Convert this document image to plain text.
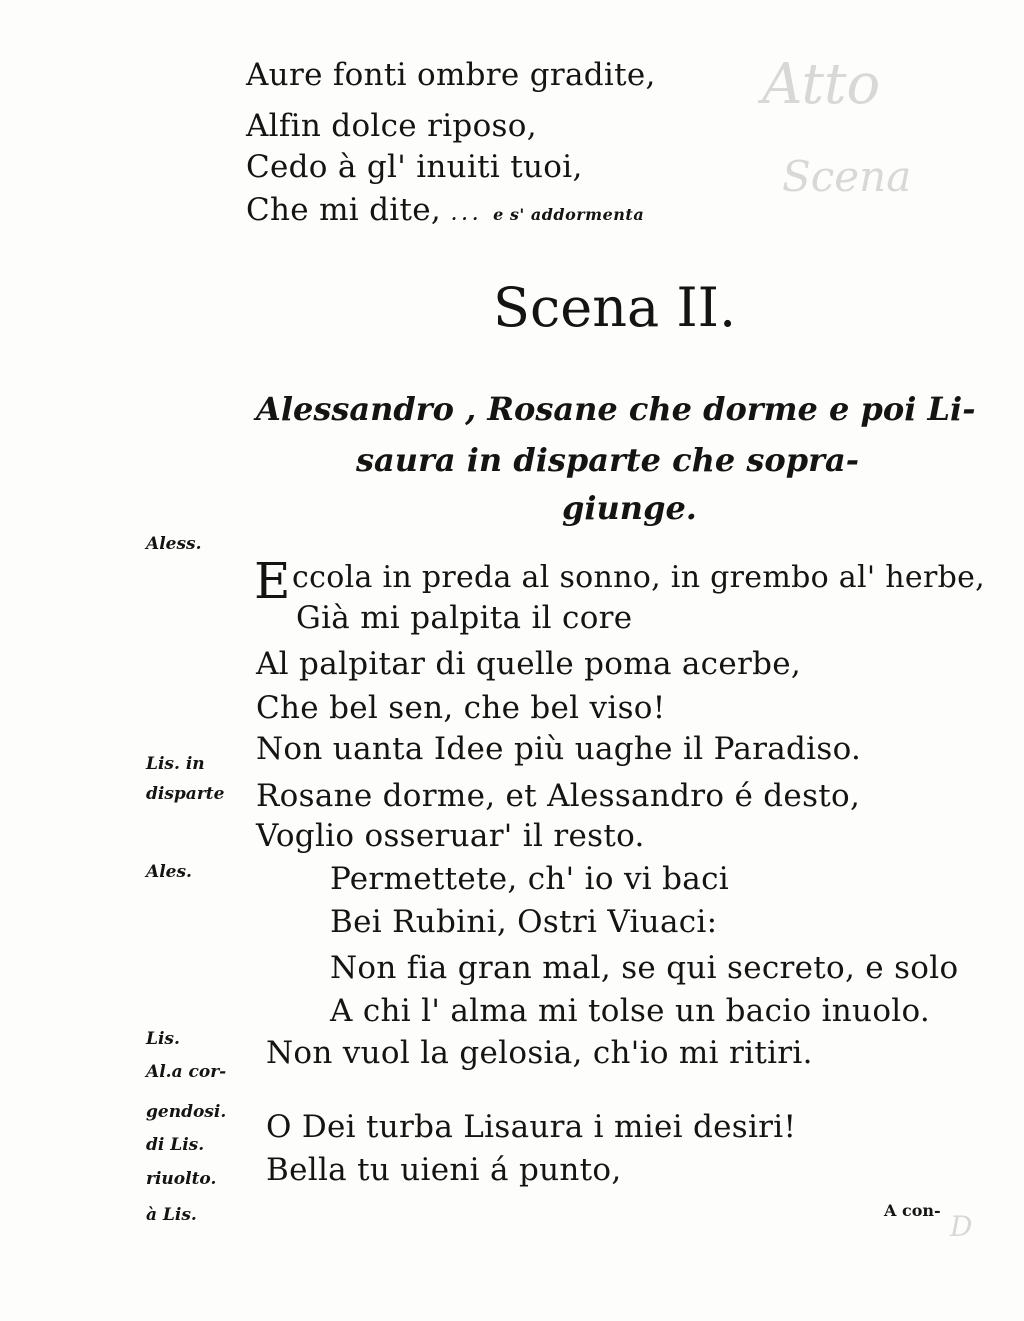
Atto
Scena
D
Aure fonti ombre gradite,
Alfin dolce riposo,
Cedo à gl' inuiti tuoi,
Che mi dite, ... e s' addormenta
Scena II.
Alessandro , Rosane che dorme e poi Li-
saura in disparte che sopra-
giunge.
Aless.
Lis. in
disparte
Ales.
Lis.
Al.a cor-
gendosi.
di Lis.
riuolto.
à Lis.
E ccola in preda al sonno, in grembo al' herbe,
Già mi palpita il core
Al palpitar di quelle poma acerbe,
Che bel sen, che bel viso!
Non uanta Idee più uaghe il Paradiso.
Rosane dorme, et Alessandro é desto,
Voglio osseruar' il resto.
Permettete, ch' io vi baci
Bei Rubini, Ostri Viuaci:
Non fia gran mal, se qui secreto, e solo
A chi l' alma mi tolse un bacio inuolo.
Non vuol la gelosia, ch'io mi ritiri.
O Dei turba Lisaura i miei desiri!
Bella tu uieni á punto,
A con-
